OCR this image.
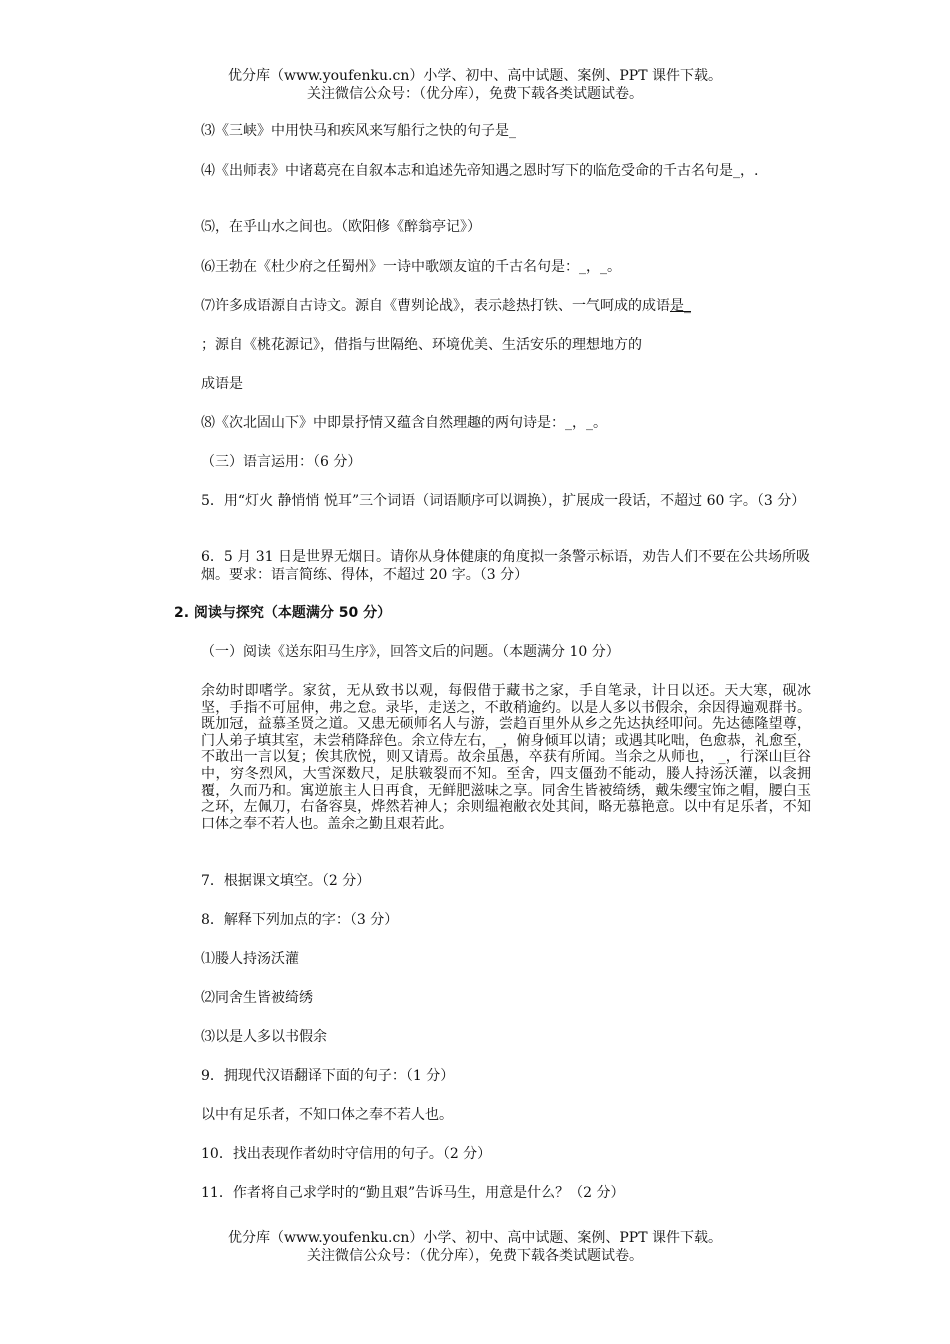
优分库（www.youfenku.cn）小学、初中、高中试题、案例、PPT 课件下载。
关注微信公众号：（优分库），免费下载各类试题试卷。

⑶《三峡》中用快马和疾风来写船行之快的句子是_

⑷《出师表》中诸葛亮在自叙本志和追述先帝知遇之恩时写下的临危受命的千古名句是_，.

⑸，在乎山水之间也。（欧阳修《醉翁亭记》）

⑹王勃在《杜少府之任蜀州》一诗中歌颂友谊的千古名句是：_，_。

⑺许多成语源自古诗文。源自《曹刿论战》，表示趁热打铁、一气呵成的成语是_

；源自《桃花源记》，借指与世隔绝、环境优美、生活安乐的理想地方的

成语是

⑻《次北固山下》中即景抒情又蕴含自然理趣的两句诗是：_，_。

（三）语言运用：（6 分）

5．用“灯火 静悄悄 悦耳”三个词语（词语顺序可以调换），扩展成一段话，不超过 60 字。（3 分）

6．5 月 31 日是世界无烟日。请你从身体健康的角度拟一条警示标语，劝告人们不要在公共场所吸烟。要求：语言简练、得体，不超过 20 字。（3 分）

2. 阅读与探究（本题满分 50 分）

（一）阅读《送东阳马生序》，回答文后的问题。（本题满分 10 分）

余幼时即嗜学。家贫，无从致书以观，每假借于藏书之家，手自笔录，计日以还。天大寒，砚冰坚，手指不可屈伸，弗之怠。录毕，走送之，不敢稍逾约。以是人多以书假余，余因得遍观群书。既加冠，益慕圣贤之道。又患无硕师名人与游，尝趋百里外从乡之先达执经叩问。先达德隆望尊，门人弟子填其室，未尝稍降辞色。余立侍左右，_，俯身倾耳以请；或遇其叱咄，色愈恭，礼愈至，不敢出一言以复；俟其欣悦，则又请焉。故余虽愚，卒获有所闻。当余之从师也， _，行深山巨谷中，穷冬烈风，大雪深数尺，足肤皲裂而不知。至舍，四支僵劲不能动，媵人持汤沃灌，以衾拥覆，久而乃和。寓逆旅主人日再食，无鲜肥滋味之享。同舍生皆被绮绣，戴朱缨宝饰之帽，腰白玉之环，左佩刀，右备容臭，烨然若神人；余则缊袍敝衣处其间，略无慕艳意。以中有足乐者，不知口体之奉不若人也。盖余之勤且艰若此。

7．根据课文填空。（2 分）

8．解释下列加点的字：（3 分）

⑴媵人持汤沃灌

⑵同舍生皆被绮绣

⑶以是人多以书假余

9．拥现代汉语翻译下面的句子：（1 分）

以中有足乐者，不知口体之奉不若人也。

10．找出表现作者幼时守信用的句子。（2 分）

11．作者将自己求学时的“勤且艰”告诉马生，用意是什么？（2 分）

优分库（www.youfenku.cn）小学、初中、高中试题、案例、PPT 课件下载。
关注微信公众号：（优分库），免费下载各类试题试卷。
